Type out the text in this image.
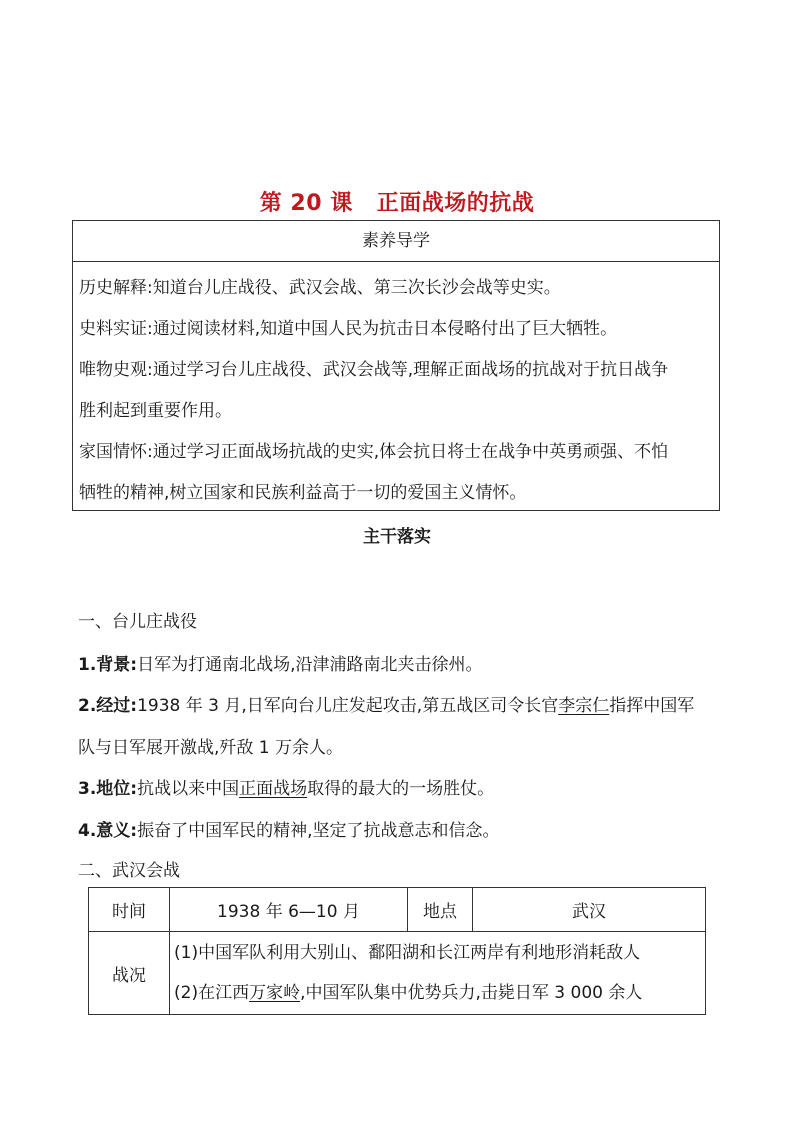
第 20 课 正面战场的抗战
素养导学

历史解释:知道台儿庄战役、武汉会战、第三次长沙会战等史实。

史料实证:通过阅读材料,知道中国人民为抗击日本侵略付出了巨大牺牲。

唯物史观:通过学习台儿庄战役、武汉会战等,理解正面战场的抗战对于抗日战争

胜利起到重要作用。

家国情怀:通过学习正面战场抗战的史实,体会抗日将士在战争中英勇顽强、不怕

牺牲的精神,树立国家和民族利益高于一切的爱国主义情怀。

主干落实
一、台儿庄战役
1.背景:日军为打通南北战场,沿津浦路南北夹击徐州。
2.经过:1938 年 3 月,日军向台儿庄发起攻击,第五战区司令长官李宗仁指挥中国军
队与日军展开激战,歼敌 1 万余人。
3.地位:抗战以来中国正面战场取得的最大的一场胜仗。
4.意义:振奋了中国军民的精神,坚定了抗战意志和信念。
二、武汉会战
时间	1938 年 6—10 月	地点	武汉
战况	(1)中国军队利用大别山、鄱阳湖和长江两岸有利地形消耗敌人
(2)在江西万家岭,中国军队集中优势兵力,击毙日军 3 000 余人		
